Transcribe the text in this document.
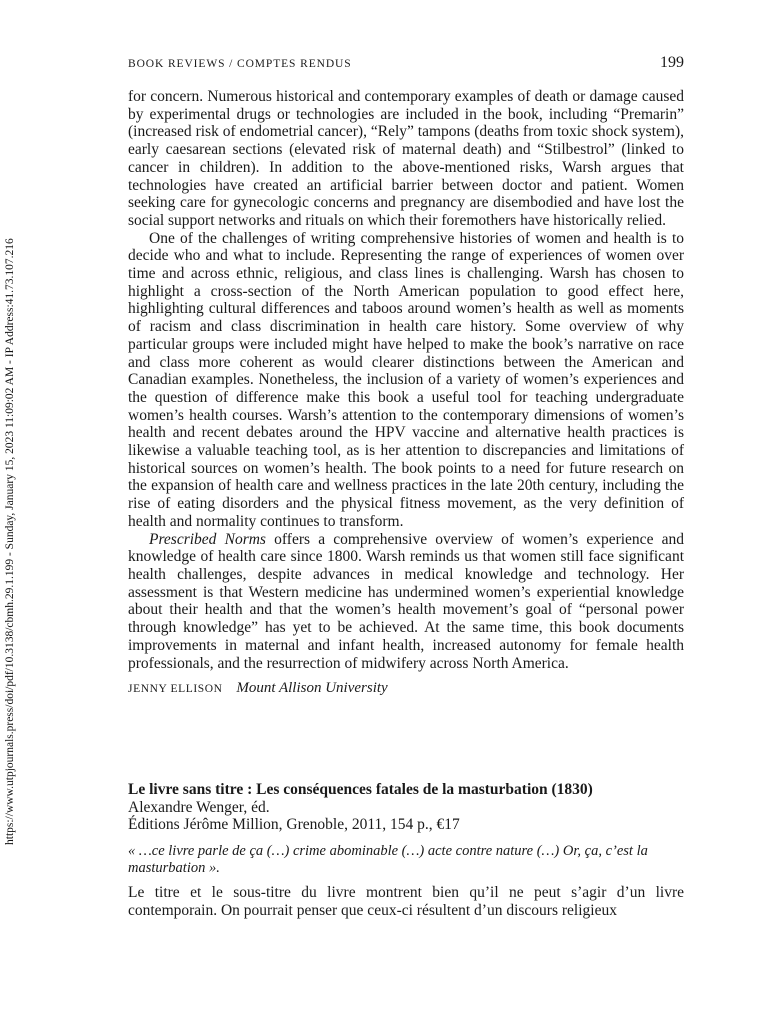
https://www.utpjournals.press/doi/pdf/10.3138/cbmh.29.1.199 - Sunday, January 15, 2023 11:09:02 AM - IP Address:41.73.107.216
BOOK REVIEWS / COMPTES RENDUS	199

for concern. Numerous historical and contemporary examples of death or damage caused by experimental drugs or technologies are included in the book, including “Premarin” (increased risk of endometrial cancer), “Rely” tampons (deaths from toxic shock system), early caesarean sections (elevated risk of maternal death) and “Stilbestrol” (linked to cancer in children). In addition to the above-mentioned risks, Warsh argues that technologies have created an artificial barrier between doctor and patient. Women seeking care for gynecologic concerns and pregnancy are disembodied and have lost the social support networks and rituals on which their foremothers have historically relied.

One of the challenges of writing comprehensive histories of women and health is to decide who and what to include. Representing the range of experiences of women over time and across ethnic, religious, and class lines is challenging. Warsh has chosen to highlight a cross-section of the North American population to good effect here, highlighting cultural differences and taboos around women’s health as well as moments of racism and class discrimination in health care history. Some overview of why particular groups were included might have helped to make the book’s narrative on race and class more coherent as would clearer distinctions between the American and Canadian examples. Nonetheless, the inclusion of a variety of women’s experiences and the question of difference make this book a useful tool for teaching undergraduate women’s health courses. Warsh’s attention to the contemporary dimensions of women’s health and recent debates around the HPV vaccine and alternative health practices is likewise a valuable teaching tool, as is her attention to discrepancies and limitations of historical sources on women’s health. The book points to a need for future research on the expansion of health care and wellness practices in the late 20th century, including the rise of eating disorders and the physical fitness movement, as the very definition of health and normality continues to transform.

Prescribed Norms offers a comprehensive overview of women’s experience and knowledge of health care since 1800. Warsh reminds us that women still face significant health challenges, despite advances in medical knowledge and technology. Her assessment is that Western medicine has undermined women’s experiential knowledge about their health and that the women’s health movement’s goal of “personal power through knowledge” has yet to be achieved. At the same time, this book documents improvements in maternal and infant health, increased autonomy for female health professionals, and the resurrection of midwifery across North America.

JENNY ELLISON Mount Allison University
Le livre sans titre : Les conséquences fatales de la masturbation (1830)
Alexandre Wenger, éd.
Éditions Jérôme Million, Grenoble, 2011, 154 p., €17

« …ce livre parle de ça (…) crime abominable (…) acte contre nature (…) Or, ça, c’est la masturbation ».

Le titre et le sous-titre du livre montrent bien qu’il ne peut s’agir d’un livre contemporain. On pourrait penser que ceux-ci résultent d’un discours religieux
